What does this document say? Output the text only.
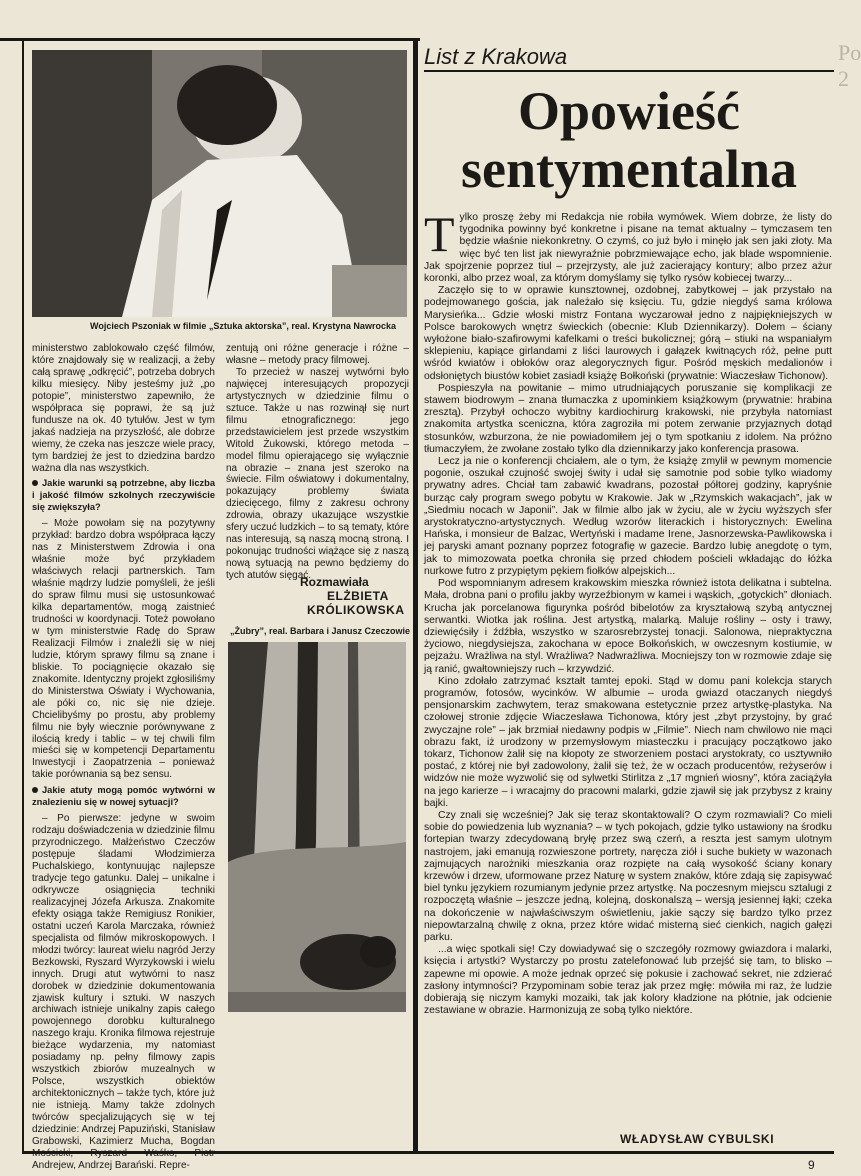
Wojciech Pszoniak w filmie „Sztuka aktorska”, real. Krystyna Nawrocka

ministerstwo zablokowało część filmów, które znajdowały się w realizacji, a żeby całą sprawę „odkręcić”, potrzeba dobrych kilku miesięcy. Niby jesteśmy już „po potopie”, ministerstwo zapewniło, że współpraca się poprawi, że są już fundusze na ok. 40 tytułów. Jest w tym jakaś nadzieja na przyszłość, ale dobrze wiemy, że czeka nas jeszcze wiele pracy, tym bardziej że jest to dziedzina bardzo ważna dla nas wszystkich.

Jakie warunki są potrzebne, aby liczba i jakość filmów szkolnych rzeczywiście się zwiększyła?

– Może powołam się na pozytywny przykład: bardzo dobra współpraca łączy nas z Ministerstwem Zdrowia i ona właśnie może być przykładem właściwych relacji partnerskich. Tam właśnie mądrzy ludzie pomyśleli, że jeśli do spraw filmu musi się ustosunkować kilka departamentów, mogą zaistnieć trudności w koordynacji. Toteż powołano w tym ministerstwie Radę do Spraw Realizacji Filmów i znaleźli się w niej ludzie, którym sprawy filmu są znane i bliskie. To pociągnięcie okazało się znakomite. Identyczny projekt zgłosiliśmy do Ministerstwa Oświaty i Wychowania, ale póki co, nic się nie dzieje. Chcielibyśmy po prostu, aby problemy filmu nie były wiecznie porównywane z ilością kredy i tablic – w tej chwili film mieści się w kompetencji Departamentu Inwestycji i Zaopatrzenia – ponieważ takie porównania są bez sensu.

Jakie atuty mogą pomóc wytwórni w znalezieniu się w nowej sytuacji?

– Po pierwsze: jedyne w swoim rodzaju doświadczenia w dziedzinie filmu przyrodniczego. Małżeństwo Czeczów postępuje śladami Włodzimierza Puchalskiego, kontynuując najlepsze tradycje tego gatunku. Dalej – unikalne i odkrywcze osiągnięcia techniki realizacyjnej Józefa Arkusza. Znakomite efekty osiąga także Remigiusz Ronikier, ostatni uczeń Karola Marczaka, również specjalista od filmów mikroskopowych. I młodzi twórcy: laureat wielu nagród Jerzy Bezkowski, Ryszard Wyrzykowski i wielu innych. Drugi atut wytwórni to nasz dorobek w dziedzinie dokumentowania zjawisk kultury i sztuki. W naszych archiwach istnieje unikalny zapis całego powojennego dorobku kulturalnego naszego kraju. Kronika filmowa rejestruje bieżące wydarzenia, my natomiast posiadamy np. pełny filmowy zapis wszystkich zbiorów muzealnych w Polsce, wszystkich obiektów architektonicznych – także tych, które już nie istnieją. Mamy także zdolnych twórców specjalizujących się w tej dziedzinie: Andrzej Papuziński, Stanisław Grabowski, Kazimierz Mucha, Bogdan Mościcki, Ryszard Waśko, Piotr Andrejew, Andrzej Barański. Repre-

zentują oni różne generacje i różne – własne – metody pracy filmowej.

To przecież w naszej wytwórni było najwięcej interesujących propozycji artystycznych w dziedzinie filmu o sztuce. Także u nas rozwinął się nurt filmu etnograficznego: jego przedstawicielem jest przede wszystkim Witold Żukowski, którego metoda – model filmu opierającego się wyłącznie na obrazie – znana jest szeroko na świecie. Film oświatowy i dokumentalny, pokazujący problemy świata dziecięcego, filmy z zakresu ochrony zdrowia, obrazy ukazujące wszystkie sfery uczuć ludzkich – to są tematy, które nas interesują, są naszą mocną stroną. I pokonując trudności wiążące się z naszą nową sytuacją na pewno będziemy do tych atutów sięgać.

Rozmawiała
ELŻBIETA
KRÓLIKOWSKA
„Żubry”, real. Barbara i Janusz Czeczowie
List z Krakowa
Opowieść
sentymentalna

Tylko proszę żeby mi Redakcja nie robiła wymówek. Wiem dobrze, że listy do tygodnika powinny być konkretne i pisane na temat aktualny – tymczasem ten będzie właśnie niekonkretny. O czymś, co już było i minęło jak sen jaki złoty. Ma więc być ten list jak niewyraźnie pobrzmiewające echo, jak blade wspomnienie. Jak spojrzenie poprzez tiul – przejrzysty, ale już zacierający kontury; albo przez ażur koronki, albo przez woal, za którym domyślamy się tylko rysów kobiecej twarzy...

Zaczęło się to w oprawie kunsztownej, ozdobnej, zabytkowej – jak przystało na podejmowanego gościa, jak należało się księciu. Tu, gdzie niegdyś sama królowa Marysieńka... Gdzie włoski mistrz Fontana wyczarował jedno z najpiękniejszych w Polsce barokowych wnętrz świeckich (obecnie: Klub Dziennikarzy). Dołem – ściany wyłożone biało-szafirowymi kafelkami o treści bukolicznej; górą – stiuki na wspaniałym sklepieniu, kapiące girlandami z liści laurowych i gałązek kwitnących róż, pełne putt wśród kwiatów i obłoków oraz alegorycznych figur. Pośród męskich medalionów i odsłoniętych biustów kobiet zasiadł książę Bołkoński (prywatnie: Wiaczesław Tichonow).

Pospieszyła na powitanie – mimo utrudniających poruszanie się komplikacji ze stawem biodrowym – znana tłumaczka z upominkiem książkowym (prywatnie: hrabina zresztą). Przybył ochoczo wybitny kardiochirurg krakowski, nie przybyła natomiast znakomita artystka sceniczna, która zagroziła mi potem zerwanie przyjaznych dotąd stosunków, wzburzona, że nie powiadomiłem jej o tym spotkaniu z idolem. Na próżno tłumaczyłem, że zwołane zostało tylko dla dziennikarzy jako konferencja prasowa.

Lecz ja nie o konferencji chciałem, ale o tym, że książę zmylił w pewnym momencie pogonie, oszukał czujność swojej świty i udał się samotnie pod sobie tylko wiadomy prywatny adres. Chciał tam zabawić kwadrans, pozostał półtorej godziny, kapryśnie burząc cały program swego pobytu w Krakowie. Jak w „Rzymskich wakacjach”, jak w „Siedmiu nocach w Japonii”. Jak w filmie albo jak w życiu, ale w życiu wyższych sfer arystokratyczno-artystycznych. Według wzorów literackich i historycznych: Ewelina Hańska, i monsieur de Balzac, Wertyński i madame Irene, Jasnorzewska-Pawlikowska i jej paryski amant poznany poprzez fotografię w gazecie. Bardzo lubię anegdotę o tym, jak to mimozowata poetka chroniła się przed chłodem pościeli wkładając do łóżka nurkowe futro z przypiętym pękiem fiołków alpejskich...

Pod wspomnianym adresem krakowskim mieszka również istota delikatna i subtelna. Mała, drobna pani o profilu jakby wyrzeźbionym w kamei i wąskich, „gotyckich” dłoniach. Krucha jak porcelanowa figurynka pośród bibelotów za kryształową szybą antycznej serwantki. Wiotka jak roślina. Jest artystką, malarką. Maluje rośliny – osty i trawy, dziewięćsiły i źdźbła, wszystko w szarosrebrzystej tonacji. Salonowa, niepraktyczna życiowo, niegdysiejsza, zakochana w epoce Bołkońskich, w owczesnym kostiumie, w pejzażu. Wrażliwa na styl. Wrażliwa? Nadwrażliwa. Mocniejszy ton w rozmowie zdaje się ją ranić, gwałtowniejszy ruch – krzywdzić.

Kino zdołało zatrzymać kształt tamtej epoki. Stąd w domu pani kolekcja starych programów, fotosów, wycinków. W albumie – uroda gwiazd otaczanych niegdyś pensjonarskim zachwytem, teraz smakowana estetycznie przez artystkę-plastyka. Na czołowej stronie zdjęcie Wiaczesława Tichonowa, który jest „zbyt przystojny, by grać zwyczajne role” – jak brzmiał niedawny podpis w „Filmie”. Niech nam chwilowo nie mąci obrazu fakt, iż urodzony w przemysłowym miasteczku i pracujący początkowo jako tokarz, Tichonow żalił się na kłopoty ze stworzeniem postaci arystokraty, co usztywniło postać, z której nie był zadowolony, żalił się też, że w oczach producentów, reżyserów i widzów nie może wyzwolić się od sylwetki Stirlitza z „17 mgnień wiosny”, która zaciążyła na jego karierze – i wracajmy do pracowni malarki, gdzie zjawił się jak przybysz z krainy bajki.

Czy znali się wcześniej? Jak się teraz skontaktowali? O czym rozmawiali? Co mieli sobie do powiedzenia lub wyznania? – w tych pokojach, gdzie tylko ustawiony na środku fortepian twarzy zdecydowaną bryłę przez swą czerń, a reszta jest samym ulotnym nastrojem, jaki emanują rozwieszone portrety, naręcza ziół i suche bukiety w wazonach zajmujących narożniki mieszkania oraz rozpięte na całą wysokość ściany konary krzewów i drzew, uformowane przez Naturę w system znaków, które zdają się zapisywać biel tynku językiem rozumianym jedynie przez artystkę. Na poczesnym miejscu sztalugi z rozpoczętą właśnie – jeszcze jedną, kolejną, doskonalszą – wersją jesiennej łąki; czeka na dokończenie w najwłaściwszym oświetleniu, jakie sączy się bardzo tylko przez niepowtarzalną chwilę z okna, przez które widać misterną sieć cienkich, nagich gałęzi parku.

...a więc spotkali się! Czy dowiadywać się o szczegóły rozmowy gwiazdora i malarki, księcia i artystki? Wystarczy po prostu zatelefonować lub przejść się tam, to blisko – zapewne mi opowie. A może jednak oprzeć się pokusie i zachować sekret, nie zdzierać zasłony intymności? Przypominam sobie teraz jak przez mgłę: mówiła mi raz, że ludzie dobierają się niczym kamyki mozaiki, tak jak kolory kładzione na płótnie, jak odcienie zestawiane w obrazie. Harmonizują ze sobą tylko niektóre.

WŁADYSŁAW CYBULSKI
9
Po
2
